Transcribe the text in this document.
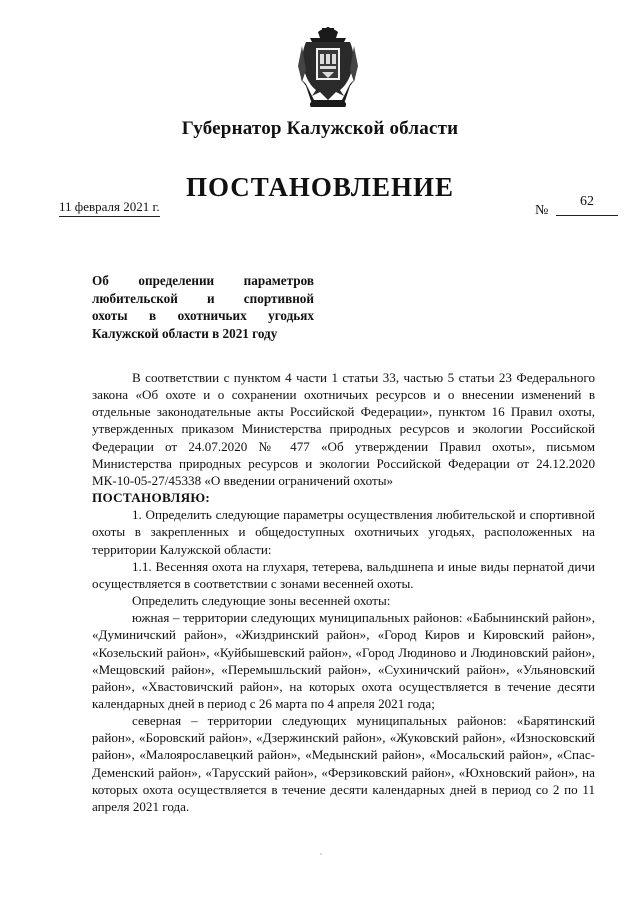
Губернатор Калужской области
ПОСТАНОВЛЕНИЕ
11 февраля 2021 г.	№
62
Об определении параметров
любительской и спортивной
охоты в охотничьих угодьях
Калужской области в 2021 году

В соответствии с пунктом 4 части 1 статьи 33, частью 5 статьи 23 Федерального закона «Об охоте и о сохранении охотничьих ресурсов и о внесении изменений в отдельные законодательные акты Российской Федерации», пунктом 16 Правил охоты, утвержденных приказом Министерства природных ресурсов и экологии Российской Федерации от 24.07.2020 № 477 «Об утверждении Правил охоты», письмом Министерства природных ресурсов и экологии Российской Федерации от 24.12.2020 МК-10-05-27/45338 «О введении ограничений охоты»

ПОСТАНОВЛЯЮ:

1. Определить следующие параметры осуществления любительской и спортивной охоты в закрепленных и общедоступных охотничьих угодьях, расположенных на территории Калужской области:

1.1. Весенняя охота на глухаря, тетерева, вальдшнепа и иные виды пернатой дичи осуществляется в соответствии с зонами весенней охоты.

Определить следующие зоны весенней охоты:

южная – территории следующих муниципальных районов: «Бабынинский район», «Думиничский район», «Жиздринский район», «Город Киров и Кировский район», «Козельский район», «Куйбышевский район», «Город Людиново и Людиновский район», «Мещовский район», «Перемышльский район», «Сухиничский район», «Ульяновский район», «Хвастовичский район», на которых охота осуществляется в течение десяти календарных дней в период с 26 марта по 4 апреля 2021 года;

северная – территории следующих муниципальных районов: «Барятинский район», «Боровский район», «Дзержинский район», «Жуковский район», «Износковский район», «Малоярославецкий район», «Медынский район», «Мосальский район», «Спас-Деменский район», «Тарусский район», «Ферзиковский район», «Юхновский район», на которых охота осуществляется в течение десяти календарных дней в период со 2 по 11 апреля 2021 года.
